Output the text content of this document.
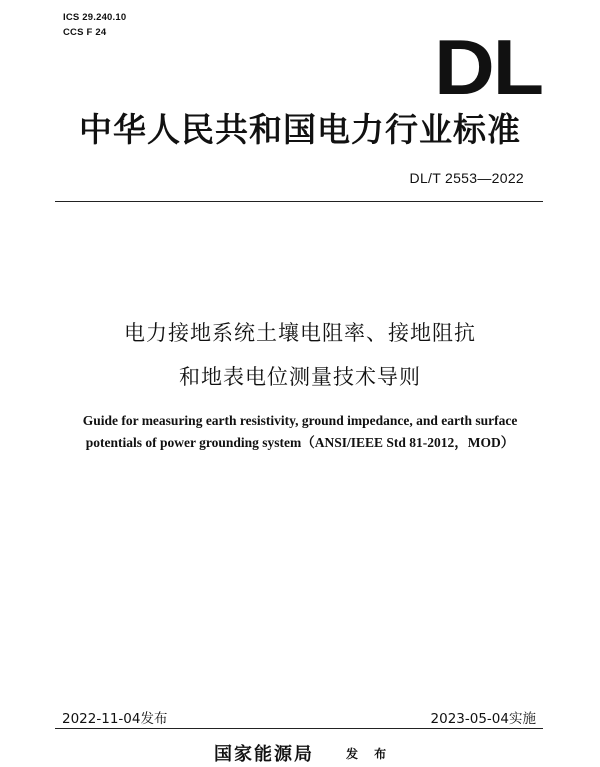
ICS 29.240.10
CCS F 24	DL
中华人民共和国电力行业标准
DL/T 2553—2022
电力接地系统土壤电阻率、接地阻抗
和地表电位测量技术导则
Guide for measuring earth resistivity, ground impedance, and earth surface
potentials of power grounding system（ANSI/IEEE Std 81-2012，MOD）
2022-11-04发布	2023-05-04实施
国家能源局	发 布
